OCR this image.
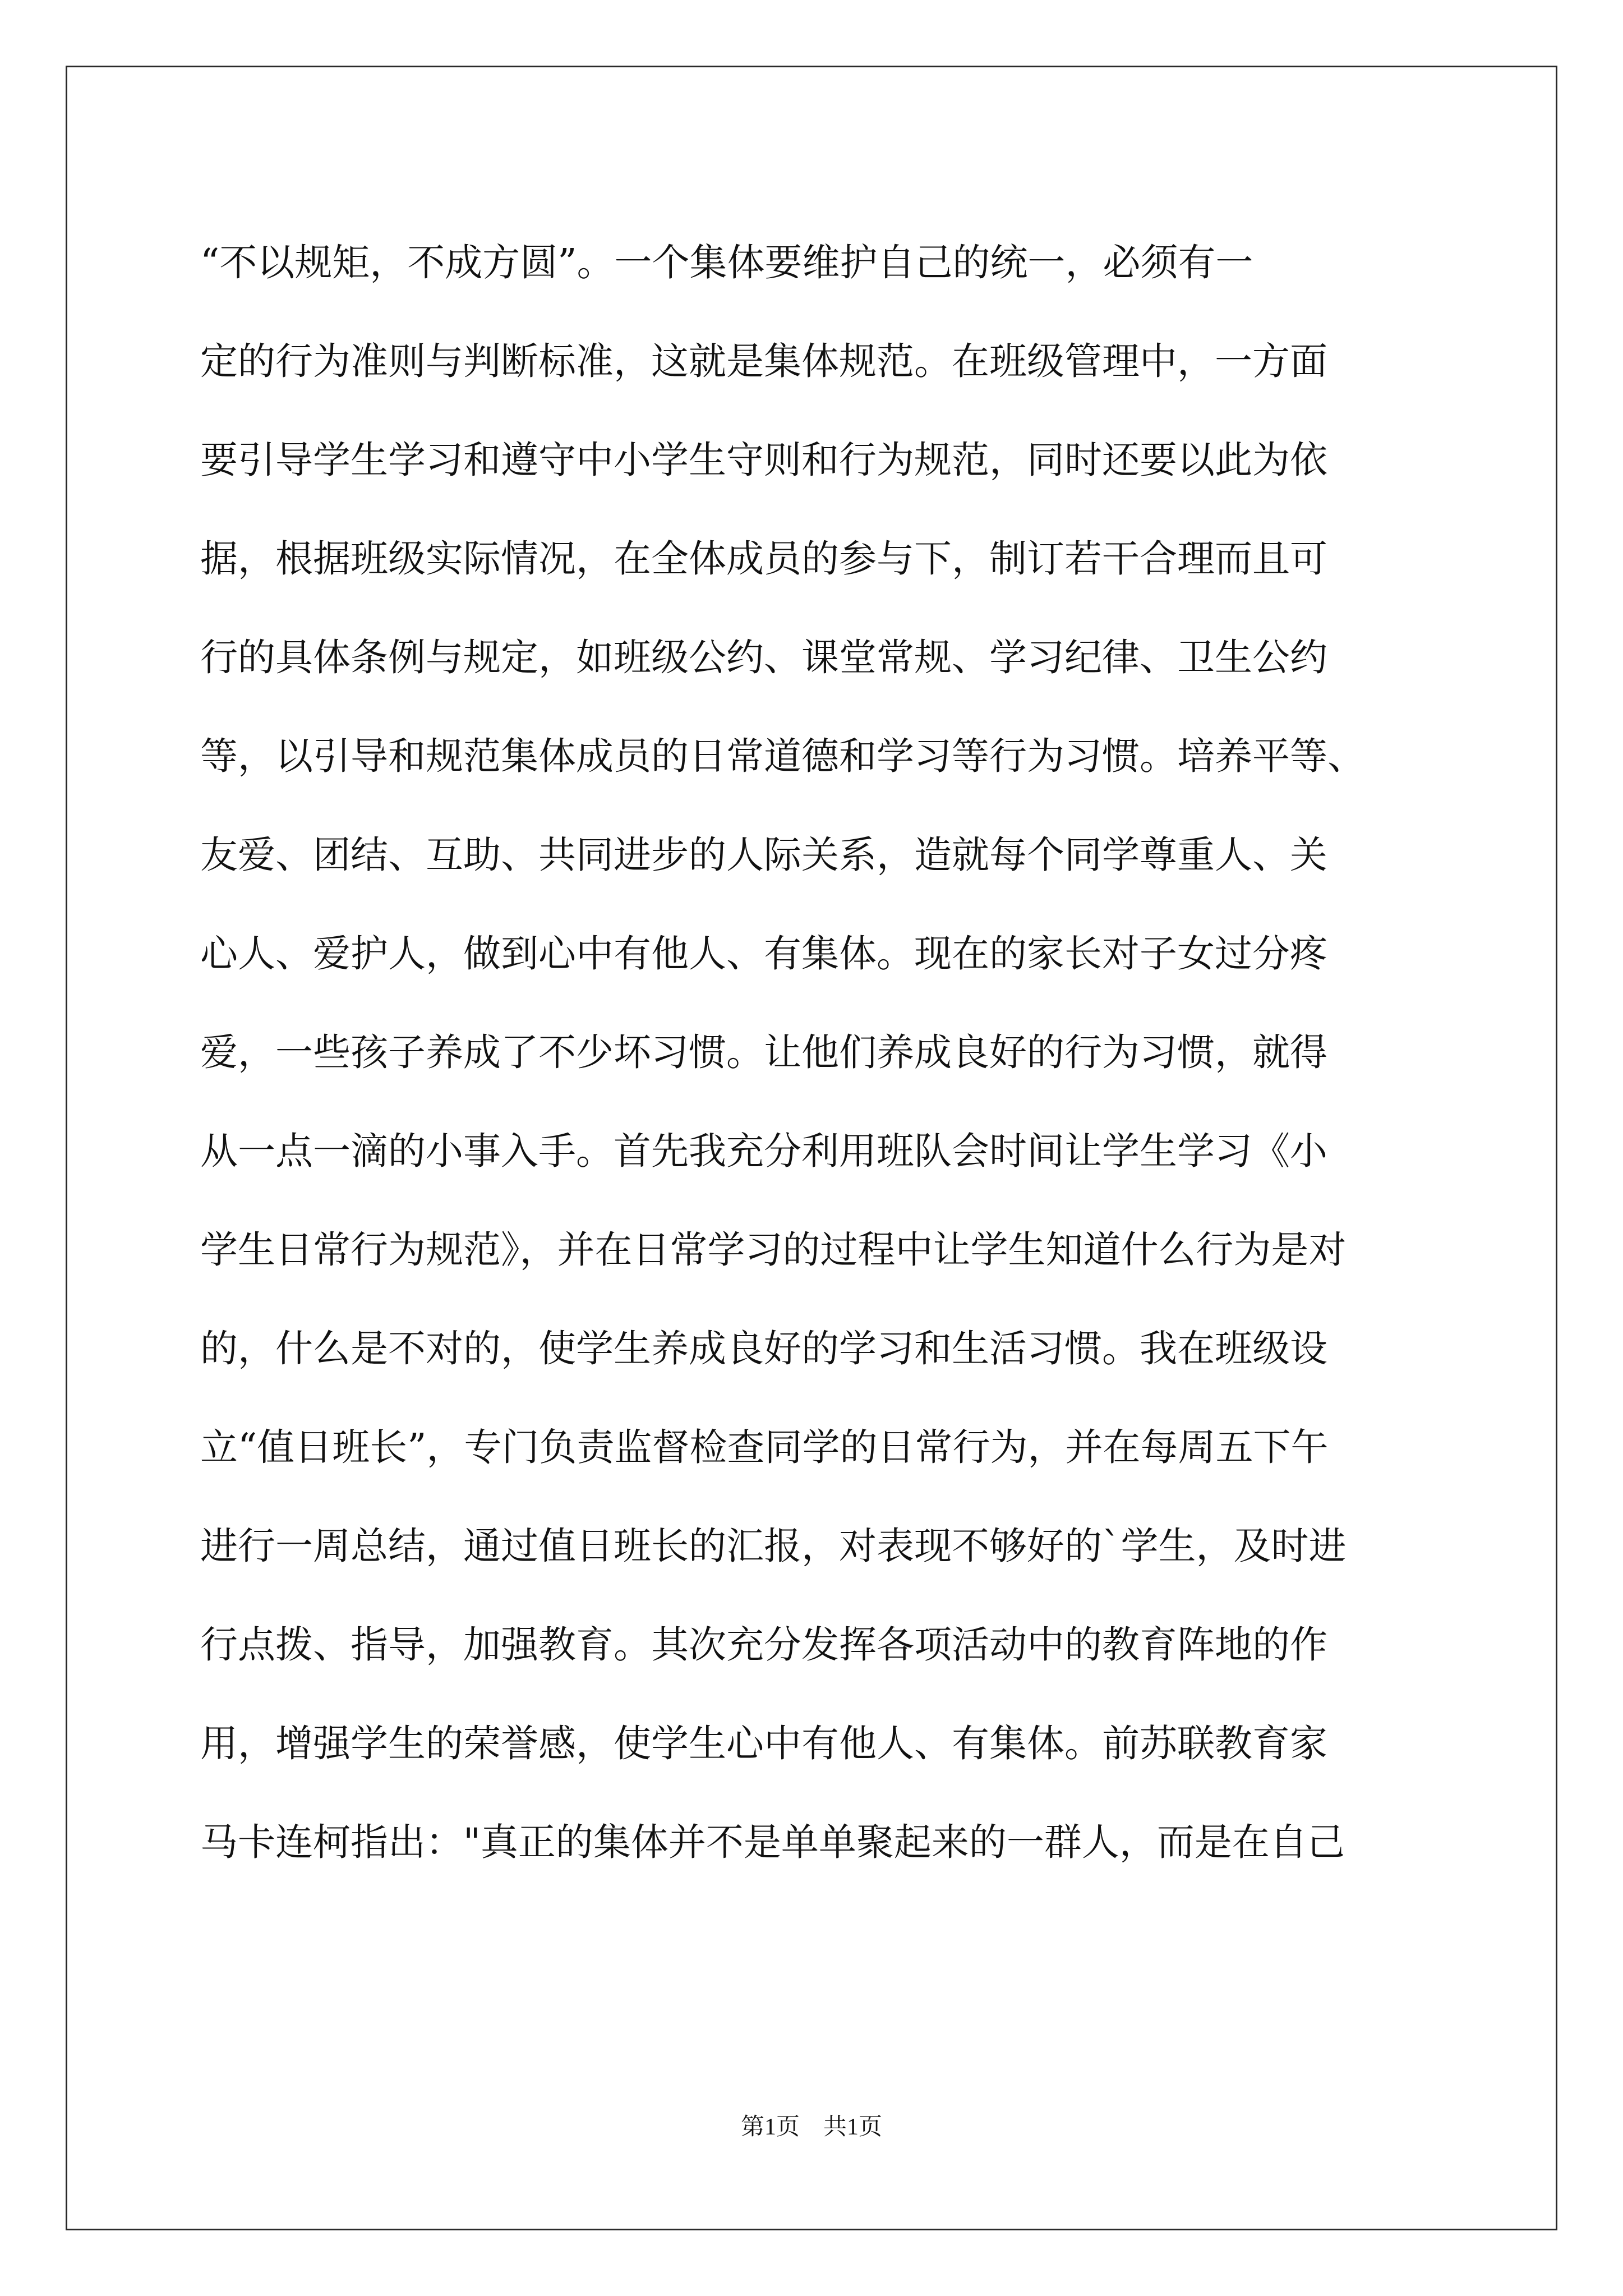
“不以规矩，不成方圆”。一个集体要维护自己的统一，必须有一
定的行为准则与判断标准，这就是集体规范。在班级管理中，一方面
要引导学生学习和遵守中小学生守则和行为规范，同时还要以此为依
据，根据班级实际情况，在全体成员的参与下，制订若干合理而且可
行的具体条例与规定，如班级公约、课堂常规、学习纪律、卫生公约
等，以引导和规范集体成员的日常道德和学习等行为习惯。培养平等、
友爱、团结、互助、共同进步的人际关系，造就每个同学尊重人、关
心人、爱护人，做到心中有他人、有集体。现在的家长对子女过分疼
爱，一些孩子养成了不少坏习惯。让他们养成良好的行为习惯，就得
从一点一滴的小事入手。首先我充分利用班队会时间让学生学习《小
学生日常行为规范》，并在日常学习的过程中让学生知道什么行为是对
的，什么是不对的，使学生养成良好的学习和生活习惯。我在班级设
立“值日班长”，专门负责监督检查同学的日常行为，并在每周五下午
进行一周总结，通过值日班长的汇报，对表现不够好的`学生，及时进
行点拨、指导，加强教育。其次充分发挥各项活动中的教育阵地的作
用，增强学生的荣誉感，使学生心中有他人、有集体。前苏联教育家
马卡连柯指出："真正的集体并不是单单聚起来的一群人，而是在自己
第1页　共1页
